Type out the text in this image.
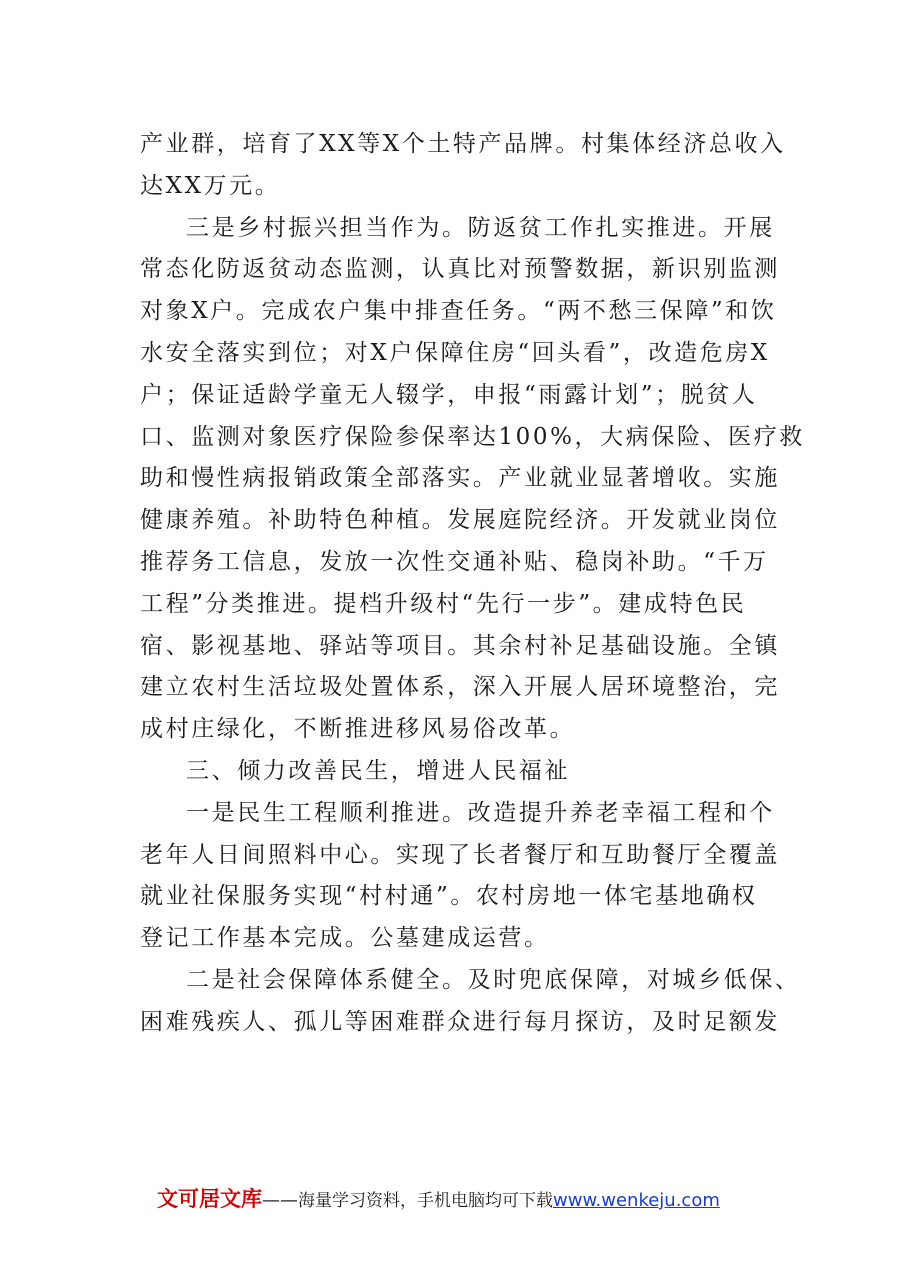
产业群，培育了XX等X个土特产品牌。村集体经济总收入
达XX万元。
三是乡村振兴担当作为。防返贫工作扎实推进。开展
常态化防返贫动态监测，认真比对预警数据，新识别监测
对象X户。完成农户集中排查任务。“两不愁三保障”和饮
水安全落实到位；对X户保障住房“回头看”，改造危房X
户；保证适龄学童无人辍学，申报“雨露计划”；脱贫人
口、监测对象医疗保险参保率达100%，大病保险、医疗救
助和慢性病报销政策全部落实。产业就业显著增收。实施
健康养殖。补助特色种植。发展庭院经济。开发就业岗位
推荐务工信息，发放一次性交通补贴、稳岗补助。“千万
工程”分类推进。提档升级村“先行一步”。建成特色民
宿、影视基地、驿站等项目。其余村补足基础设施。全镇
建立农村生活垃圾处置体系，深入开展人居环境整治，完
成村庄绿化，不断推进移风易俗改革。
三、倾力改善民生，增进人民福祉
一是民生工程顺利推进。改造提升养老幸福工程和个
老年人日间照料中心。实现了长者餐厅和互助餐厅全覆盖
就业社保服务实现“村村通”。农村房地一体宅基地确权
登记工作基本完成。公墓建成运营。
二是社会保障体系健全。及时兜底保障，对城乡低保、
困难残疾人、孤儿等困难群众进行每月探访，及时足额发
文可居文库 —— 海量学习资料，手机电脑均可下载 www.wenkeju.com
